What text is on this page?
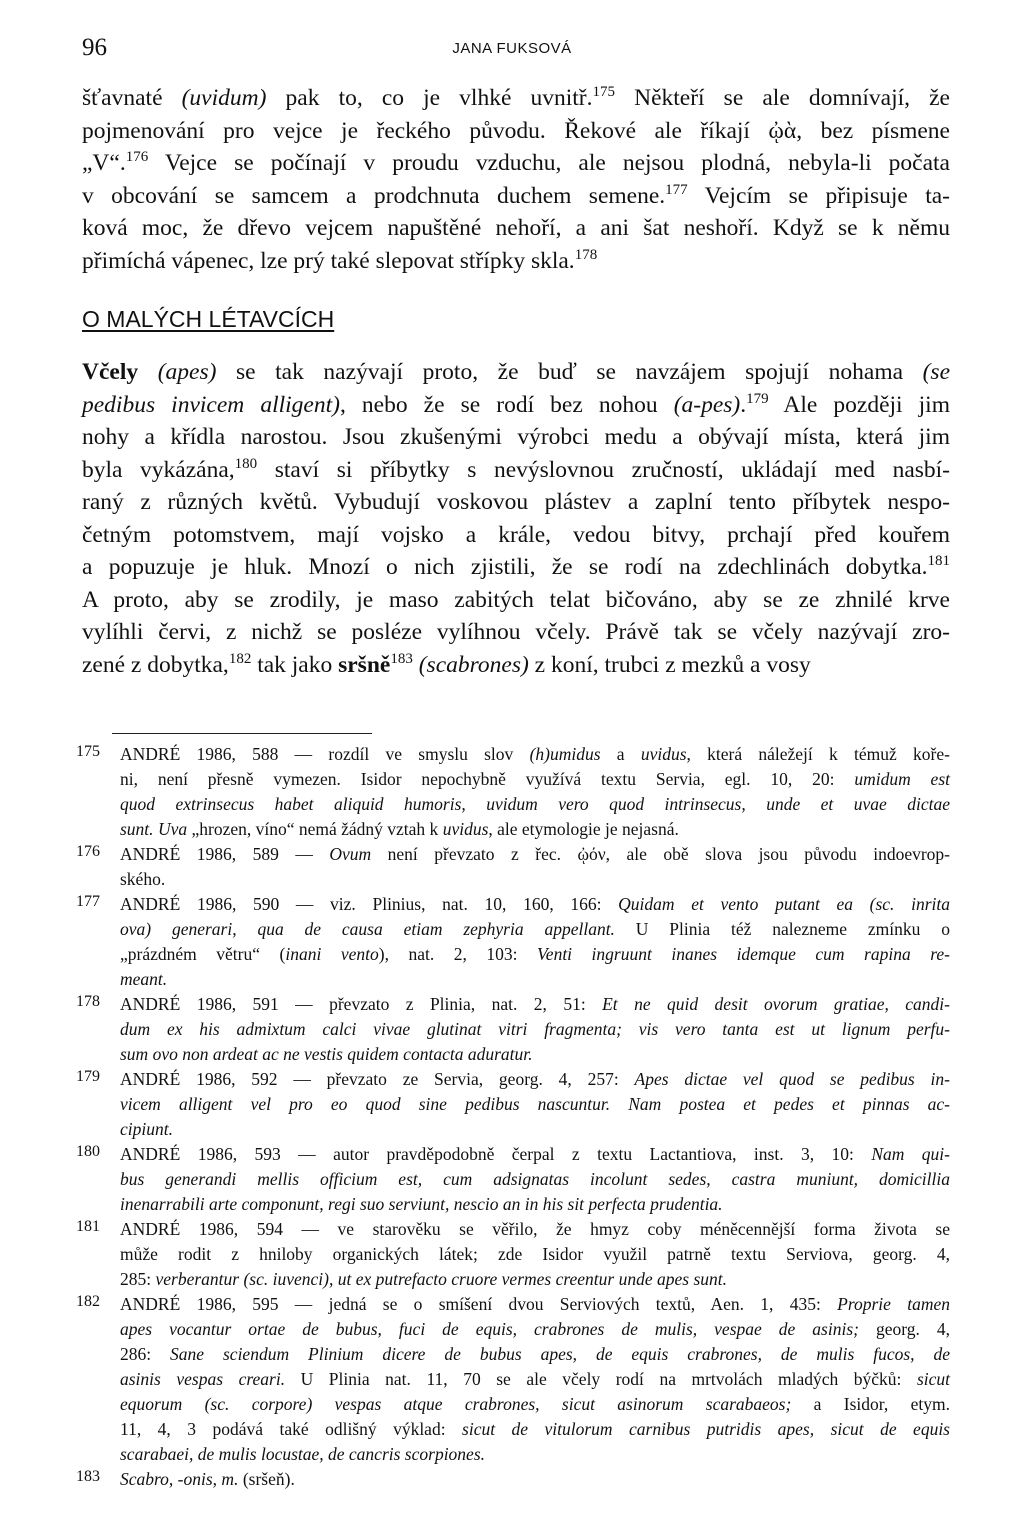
96	JANA FUKSOVÁ
šťavnaté (uvidum) pak to, co je vlhké uvnitř.$^{175}$ Někteří se ale domnívají, že
pojmenování pro vejce je řeckého původu. Řekové ale říkají ᾠὰ, bez písmene
„V“.$^{176}$ Vejce se počínají v proudu vzduchu, ale nejsou plodná, nebyla-li počata
v obcování se samcem a prodchnuta duchem semene.$^{177}$ Vejcím se připisuje ta-
ková moc, že dřevo vejcem napuštěné nehoří, a ani šat neshoří. Když se k němu
přimíchá vápenec, lze prý také slepovat střípky skla.$^{178}$
O MALÝCH LÉTAVCÍCH
Včely (apes) se tak nazývají proto, že buď se navzájem spojují nohama (se
pedibus invicem alligent), nebo že se rodí bez nohou (a-pes).$^{179}$ Ale později jim
nohy a křídla narostou. Jsou zkušenými výrobci medu a obývají místa, která jim
byla vykázána,$^{180}$ staví si příbytky s nevýslovnou zručností, ukládají med nasbí-
raný z různých květů. Vybudují voskovou plástev a zaplní tento příbytek nespo-
četným potomstvem, mají vojsko a krále, vedou bitvy, prchají před kouřem
a popuzuje je hluk. Mnozí o nich zjistili, že se rodí na zdechlinách dobytka.$^{181}$
A proto, aby se zrodily, je maso zabitých telat bičováno, aby se ze zhnilé krve
vylíhli červi, z nichž se posléze vylíhnou včely. Právě tak se včely nazývají zro-
zené z dobytka,$^{182}$ tak jako sršně$^{183}$ (scabrones) z koní, trubci z mezků a vosy
175 ANDRÉ 1986, 588 — rozdíl ve smyslu slov (h)umidus a uvidus, která náležejí k témuž koře-
ni, není přesně vymezen. Isidor nepochybně využívá textu Servia, egl. 10, 20: umidum est
quod extrinsecus habet aliquid humoris, uvidum vero quod intrinsecus, unde et uvae dictae
sunt. Uva „hrozen, víno“ nemá žádný vztah k uvidus, ale etymologie je nejasná.
176 ANDRÉ 1986, 589 — Ovum není převzato z řec. ᾠόν, ale obě slova jsou původu indoevrop-
ského.
177 ANDRÉ 1986, 590 — viz. Plinius, nat. 10, 160, 166: Quidam et vento putant ea (sc. inrita
ova) generari, qua de causa etiam zephyria appellant. U Plinia též nalezneme zmínku o
„prázdném větru“ (inani vento), nat. 2, 103: Venti ingruunt inanes idemque cum rapina re-
meant.
178 ANDRÉ 1986, 591 — převzato z Plinia, nat. 2, 51: Et ne quid desit ovorum gratiae, candi-
dum ex his admixtum calci vivae glutinat vitri fragmenta; vis vero tanta est ut lignum perfu-
sum ovo non ardeat ac ne vestis quidem contacta aduratur.
179 ANDRÉ 1986, 592 — převzato ze Servia, georg. 4, 257: Apes dictae vel quod se pedibus in-
vicem alligent vel pro eo quod sine pedibus nascuntur. Nam postea et pedes et pinnas ac-
cipiunt.
180 ANDRÉ 1986, 593 — autor pravděpodobně čerpal z textu Lactantiova, inst. 3, 10: Nam qui-
bus generandi mellis officium est, cum adsignatas incolunt sedes, castra muniunt, domicillia
inenarrabili arte componunt, regi suo serviunt, nescio an in his sit perfecta prudentia.
181 ANDRÉ 1986, 594 — ve starověku se věřilo, že hmyz coby méněcennější forma života se
může rodit z hniloby organických látek; zde Isidor využil patrně textu Serviova, georg. 4,
285: verberantur (sc. iuvenci), ut ex putrefacto cruore vermes creentur unde apes sunt.
182 ANDRÉ 1986, 595 — jedná se o smíšení dvou Serviových textů, Aen. 1, 435: Proprie tamen
apes vocantur ortae de bubus, fuci de equis, crabrones de mulis, vespae de asinis; georg. 4,
286: Sane sciendum Plinium dicere de bubus apes, de equis crabrones, de mulis fucos, de
asinis vespas creari. U Plinia nat. 11, 70 se ale včely rodí na mrtvolách mladých býčků: sicut
equorum (sc. corpore) vespas atque crabrones, sicut asinorum scarabaeos; a Isidor, etym.
11, 4, 3 podává také odlišný výklad: sicut de vitulorum carnibus putridis apes, sicut de equis
scarabaei, de mulis locustae, de cancris scorpiones.
183 Scabro, -onis, m. (sršeň).
